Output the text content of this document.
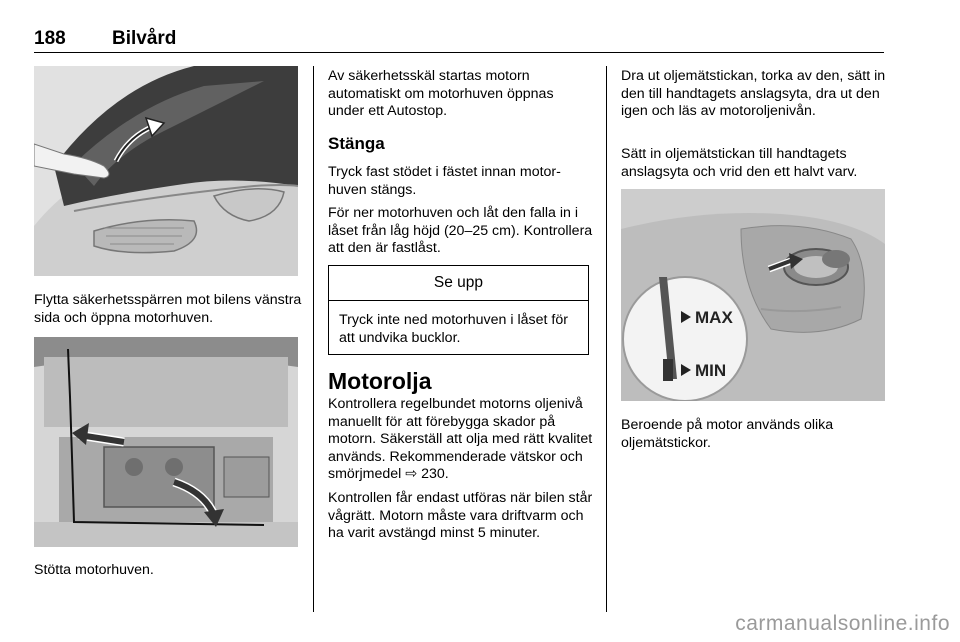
188 Bilvård

Flytta säkerhetsspärren mot bilens vänstra sida och öppna motorhuven.

Stötta motorhuven.

Av säkerhetsskäl startas motorn automatiskt om motorhuven öppnas under ett Autostop.

Stänga

Tryck fast stödet i fästet innan motorhuven stängs.

För ner motorhuven och låt den falla in i låset från låg höjd (20–25 cm). Kontrollera att den är fastlåst.

Se upp

Tryck inte ned motorhuven i låset för att undvika bucklor.

Motorolja

Kontrollera regelbundet motorns oljenivå manuellt för att förebygga skador på motorn. Säkerställ att olja med rätt kvalitet används. Rekommenderade vätskor och smörjmedel ⇨ 230.

Kontrollen får endast utföras när bilen står vågrätt. Motorn måste vara driftvarm och ha varit avstängd minst 5 minuter.

Dra ut oljemätstickan, torka av den, sätt in den till handtagets anslagsyta, dra ut den igen och läs av motoroljenivån.

Sätt in oljemätstickan till handtagets anslagsyta och vrid den ett halvt varv.

MAX
MIN

Beroende på motor används olika oljemätstickor.

carmanualsonline.info
